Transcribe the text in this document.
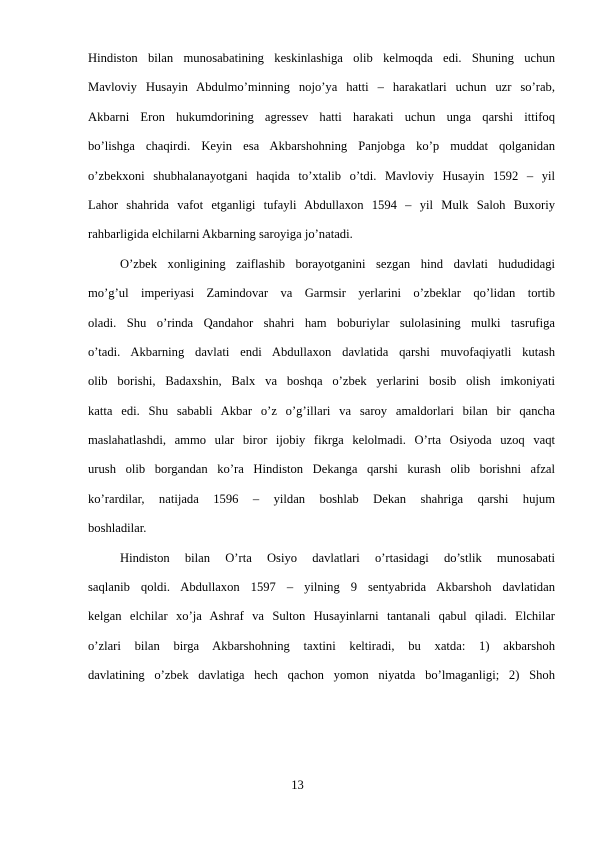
Hindiston bilan munosabatining keskinlashiga olib kelmoqda edi. Shuning uchun
Mavloviy Husayin Abdulmo’minning nojo’ya hatti – harakatlari uchun uzr so’rab,
Akbarni Eron hukumdorining agressev hatti harakati uchun unga qarshi ittifoq
bo’lishga chaqirdi. Keyin esa Akbarshohning Panjobga ko’p muddat qolganidan
o’zbekxoni shubhalanayotgani haqida to’xtalib o’tdi. Mavloviy Husayin 1592 – yil
Lahor shahrida vafot etganligi tufayli Abdullaxon 1594 – yil Mulk Saloh Buxoriy
rahbarligida elchilarni Akbarning saroyiga jo’natadi.
O’zbek xonligining zaiflashib borayotganini sezgan hind davlati hududidagi
mo’g’ul imperiyasi Zamindovar va Garmsir yerlarini o’zbeklar qo’lidan tortib
oladi. Shu o’rinda Qandahor shahri ham boburiylar sulolasining mulki tasrufiga
o’tadi. Akbarning davlati endi Abdullaxon davlatida qarshi muvofaqiyatli kutash
olib borishi, Badaxshin, Balx va boshqa o’zbek yerlarini bosib olish imkoniyati
katta edi. Shu sababli Akbar o’z o’g’illari va saroy amaldorlari bilan bir qancha
maslahatlashdi, ammo ular biror ijobiy fikrga kelolmadi. O’rta Osiyoda uzoq vaqt
urush olib borgandan ko’ra Hindiston Dekanga qarshi kurash olib borishni afzal
ko’rardilar, natijada 1596 – yildan boshlab Dekan shahriga qarshi hujum
boshladilar.
Hindiston bilan O’rta Osiyo davlatlari o’rtasidagi do’stlik munosabati
saqlanib qoldi. Abdullaxon 1597 – yilning 9 sentyabrida Akbarshoh davlatidan
kelgan elchilar xo’ja Ashraf va Sulton Husayinlarni tantanali qabul qiladi. Elchilar
o’zlari bilan birga Akbarshohning taxtini keltiradi, bu xatda: 1) akbarshoh
davlatining o’zbek davlatiga hech qachon yomon niyatda bo’lmaganligi; 2) Shoh
13
